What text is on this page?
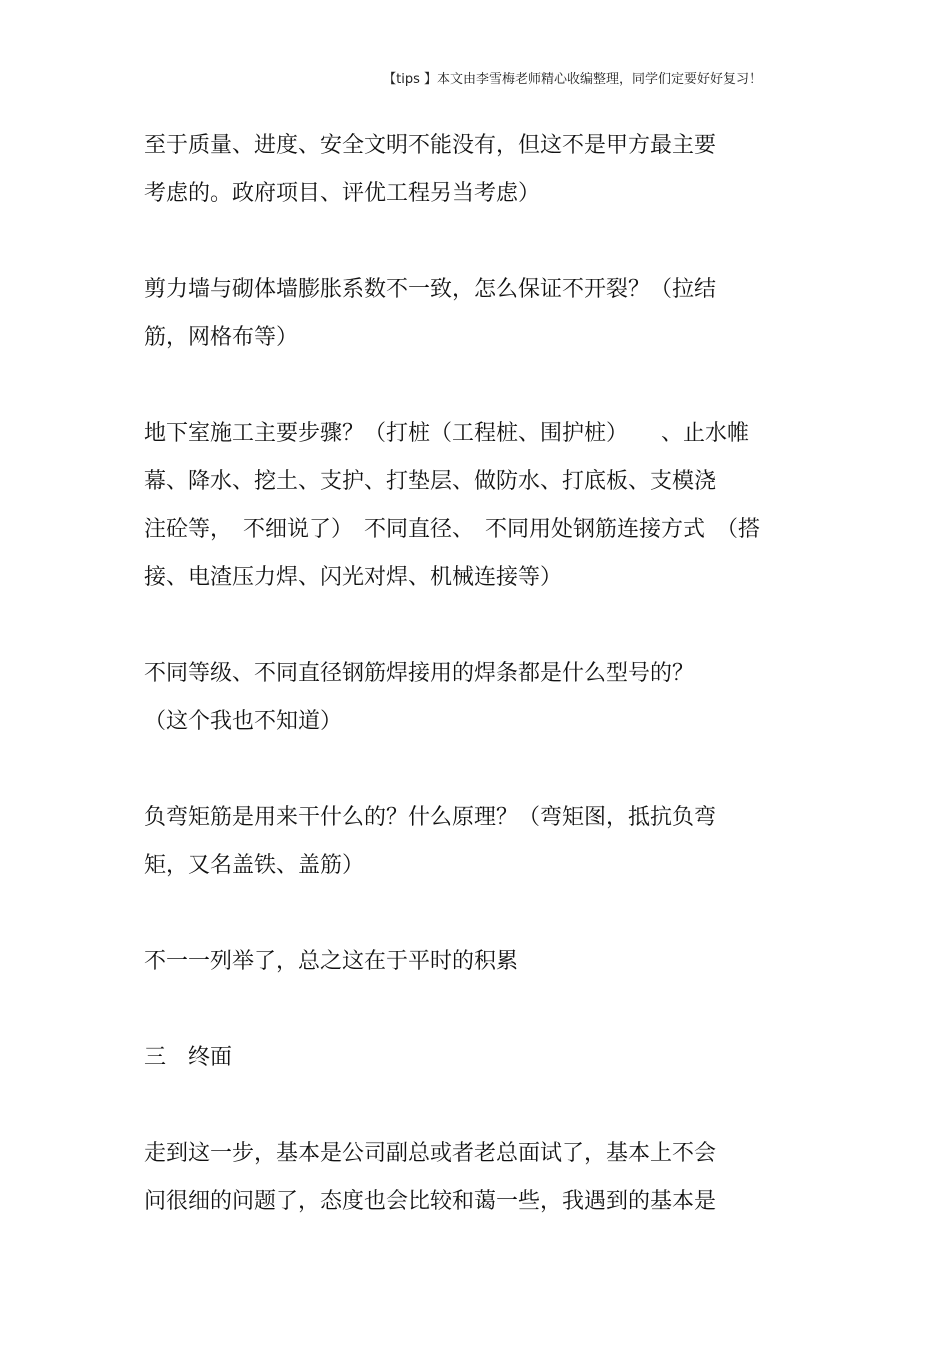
【tips 】本文由李雪梅老师精心收编整理，同学们定要好好复习！
至于质量、进度、安全文明不能没有，但这不是甲方最主要
考虑的。政府项目、评优工程另当考虑）
剪力墙与砌体墙膨胀系数不一致，怎么保证不开裂？（拉结
筋，网格布等）
地下室施工主要步骤？（打桩（工程桩、围护桩）　　、止水帷
幕、降水、挖土、支护、打垫层、做防水、打底板、支模浇
注砼等，　不细说了）　不同直径、　不同用处钢筋连接方式　（搭
接、电渣压力焊、闪光对焊、机械连接等）
不同等级、不同直径钢筋焊接用的焊条都是什么型号的？
（这个我也不知道）
负弯矩筋是用来干什么的？什么原理？（弯矩图，抵抗负弯
矩，又名盖铁、盖筋）
不一一列举了，总之这在于平时的积累
三　终面
走到这一步，基本是公司副总或者老总面试了，基本上不会
问很细的问题了，态度也会比较和蔼一些，我遇到的基本是
